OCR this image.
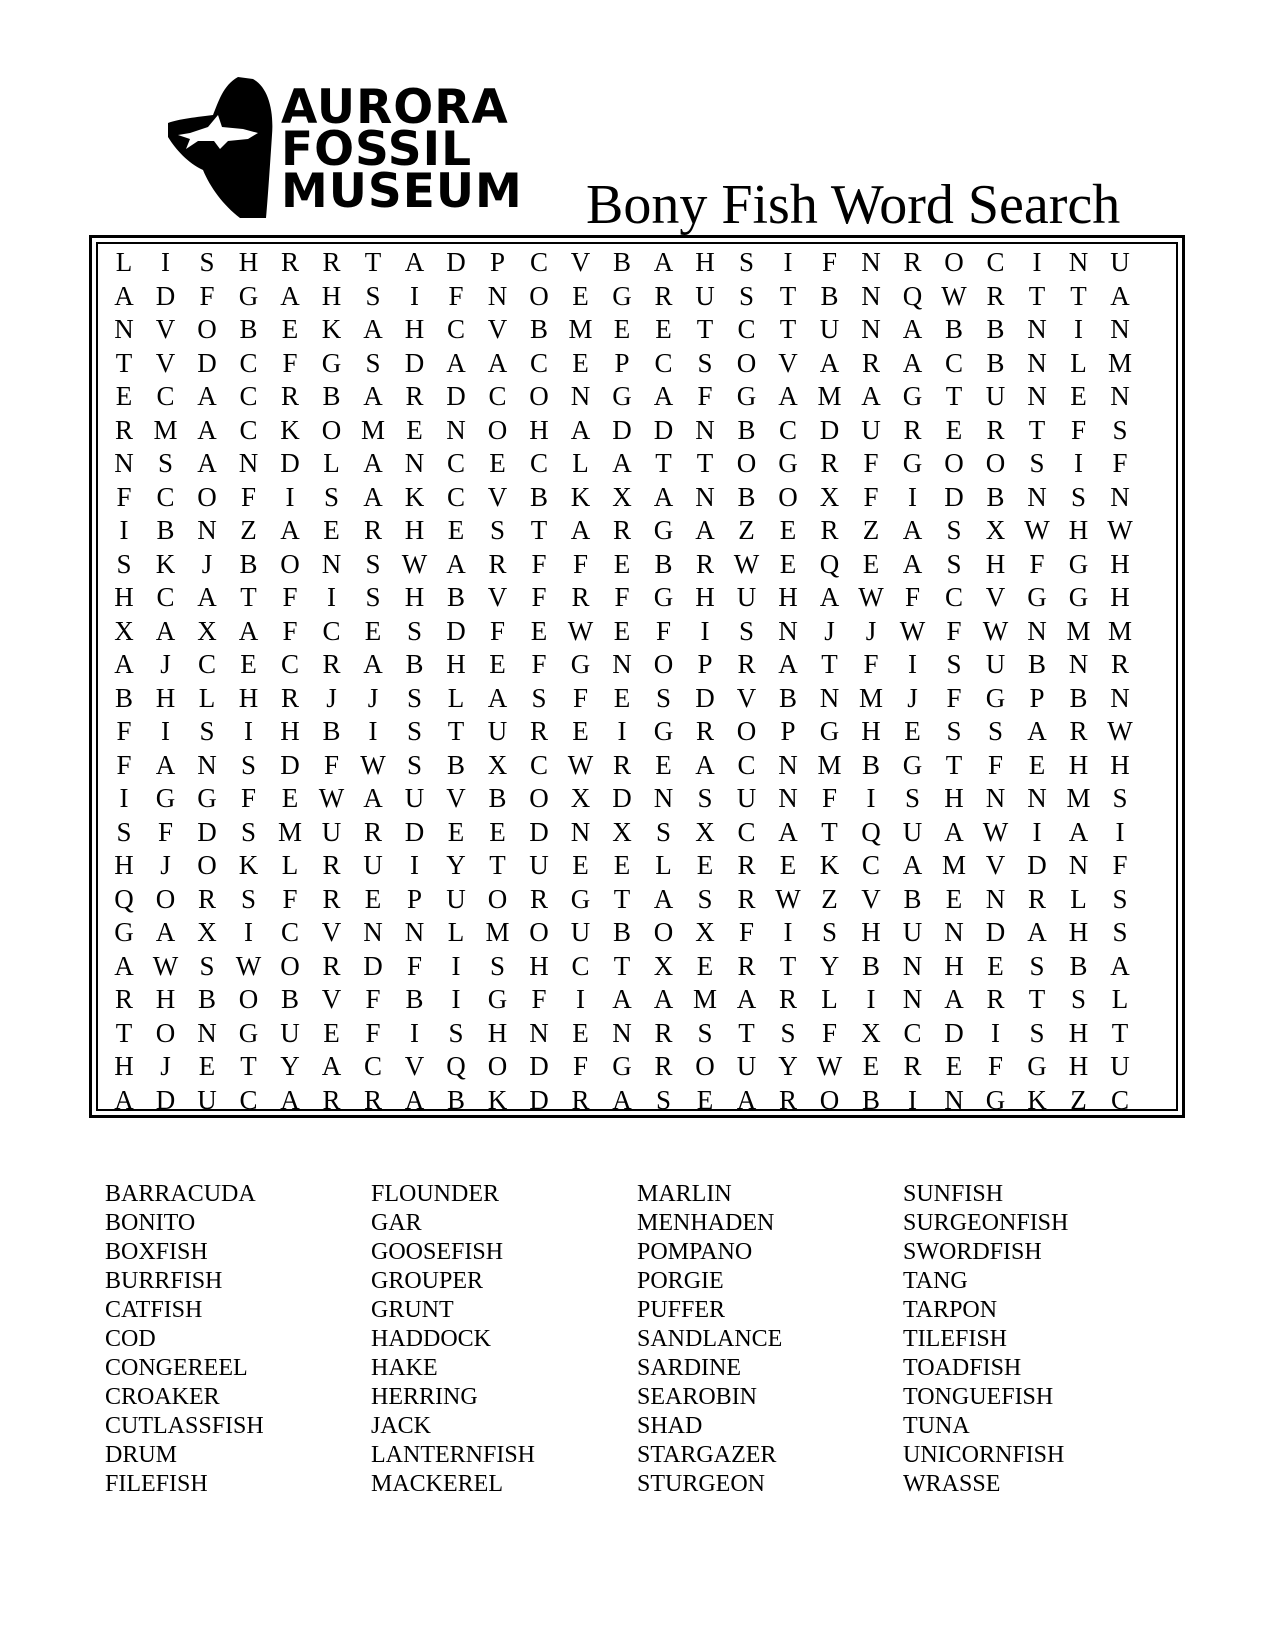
AURORA
FOSSIL
MUSEUM Bony Fish Word Search
L	I	S H R R T A D P C V B A H S	I	F N R O C	I	N U
A D F G A H S	I	F N O E G R U S T B N Q W R T T A
N V O B E K A H C V B M E E T C T U N A B B N	I	N
T V D C F G S D A A C E P C S O V A R A C B N L M
E C A C R B A R D C O N G A F G A M A G T U N E N
R M A C K O M E N O H A D D N B C D U R E R T F S
N S A N D L A N C E C L A T T O G R F G O O S	I	F
F C O F	I	S A K C V B K X A N B O X F	I	D B N S N
I	B N Z A E R H E S T A R G A Z E R Z A S X W H W
S K J	B O N S W A R F F E B R W E Q E A S H F G H
H C A T F	I	S H B V F R F G H U H A W F C V G G H
X A X A F C E S D F E W E F	I	S N J	J W F W N M M
A J	C E C R A B H E F G N O P R A T F	I	S U B N R
B H L H R	J	J	S L A S F E S D V B N M J	F G P B N
F	I	S	I	H B	I	S T U R E	I	G R O P G H E S S A R W
F A N S D F W S B X C W R E A C N M B G T F E H H
I	G G F E W A U V B O X D N S U N F	I	S H N N M S
S F D S M U R D E E D N X S X C A T Q U A W I	A	I
H J O K L R U	I	Y T U E E L E R E K C A M V D N F
Q O R S F R E P U O R G T A S R W Z V B E N R L S
G A X	I	C V N N L M O U B O X F	I	S H U N D A H S
A W S W O R D F	I	S H C T X E R T Y B N H E S B A
R H B O B V F B	I	G F	I	A A M A R L	I	N A R T S L
T O N G U E F	I	S H N E N R S T S F X C D	I	S H T
H J	E T Y A C V Q O D F G R O U Y W E R E F G H U
A D U C A R R A B K D R A S E A R O B	I	N G K Z C
BARRACUDA
BONITO
BOXFISH
BURRFISH
CATFISH
COD
CONGEREEL
CROAKER
CUTLASSFISH
DRUM
FILEFISH
FLOUNDER
GAR
GOOSEFISH
GROUPER
GRUNT
HADDOCK
HAKE
HERRING
JACK
LANTERNFISH
MACKEREL
MARLIN
MENHADEN
POMPANO
PORGIE
PUFFER
SANDLANCE
SARDINE
SEAROBIN
SHAD
STARGAZER
STURGEON
SUNFISH
SURGEONFISH
SWORDFISH
TANG
TARPON
TILEFISH
TOADFISH
TONGUEFISH
TUNA
UNICORNFISH
WRASSE
